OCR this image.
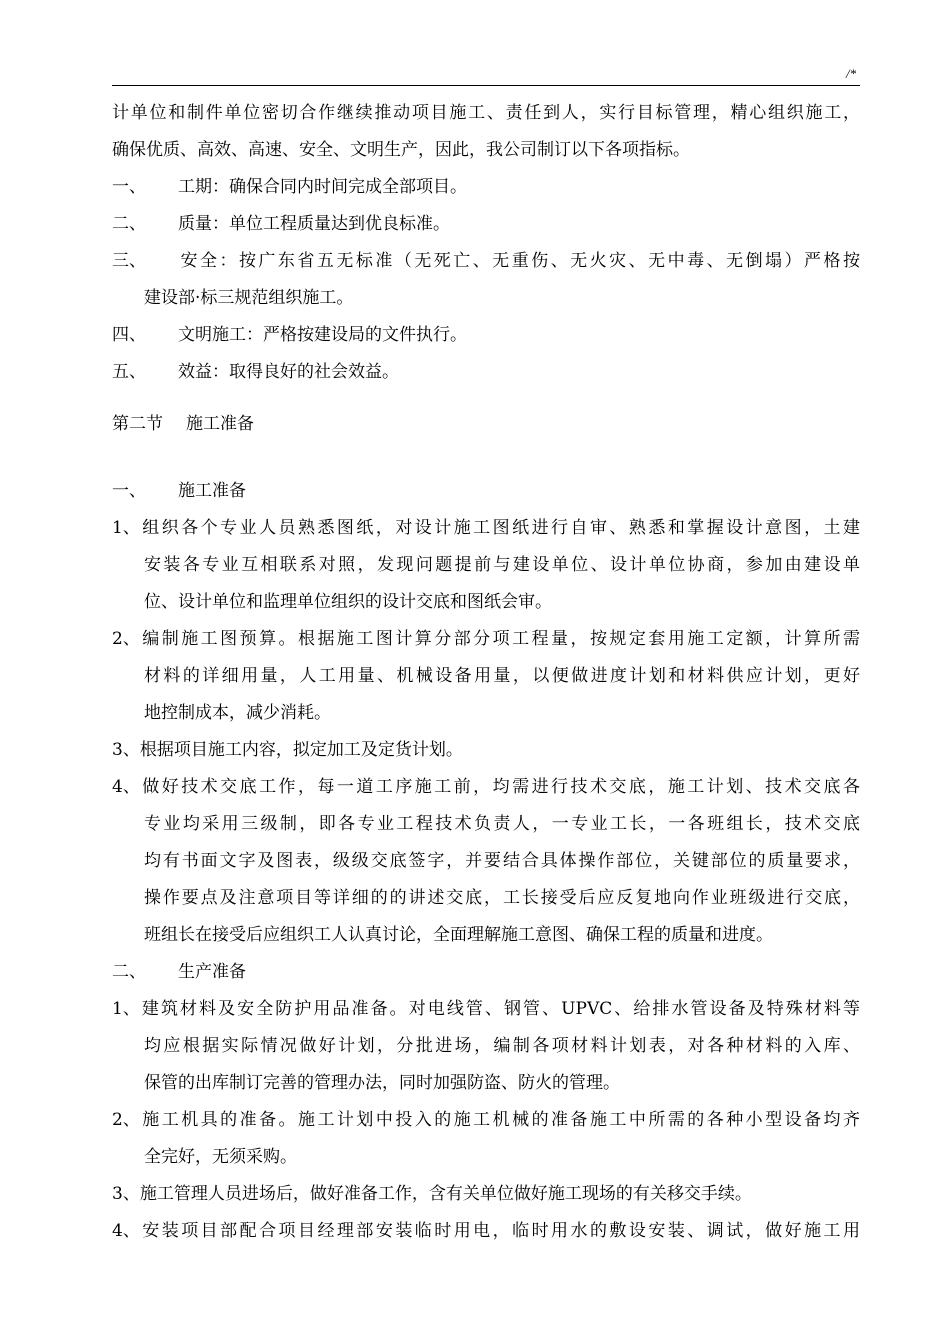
/*
计单位和制件单位密切合作继续推动项目施工、责任到人，实行目标管理，精心组织施工，
确保优质、高效、高速、安全、文明生产，因此，我公司制订以下各项指标。
一、 工期：确保合同内时间完成全部项目。
二、 质量：单位工程质量达到优良标准。
三、 安全：按广东省五无标准（无死亡、无重伤、无火灾、无中毒、无倒塌）严格按
建设部·标三规范组织施工。
四、 文明施工：严格按建设局的文件执行。
五、 效益：取得良好的社会效益。
第二节 施工准备
一、 施工准备
1、组织各个专业人员熟悉图纸，对设计施工图纸进行自审、熟悉和掌握设计意图，土建
安装各专业互相联系对照，发现问题提前与建设单位、设计单位协商，参加由建设单
位、设计单位和监理单位组织的设计交底和图纸会审。
2、编制施工图预算。根据施工图计算分部分项工程量，按规定套用施工定额，计算所需
材料的详细用量，人工用量、机械设备用量，以便做进度计划和材料供应计划，更好
地控制成本，减少消耗。
3、根据项目施工内容，拟定加工及定货计划。
4、做好技术交底工作，每一道工序施工前，均需进行技术交底，施工计划、技术交底各
专业均采用三级制，即各专业工程技术负责人，一专业工长，一各班组长，技术交底
均有书面文字及图表，级级交底签字，并要结合具体操作部位，关键部位的质量要求，
操作要点及注意项目等详细的的讲述交底，工长接受后应反复地向作业班级进行交底，
班组长在接受后应组织工人认真讨论，全面理解施工意图、确保工程的质量和进度。
二、 生产准备
1、建筑材料及安全防护用品准备。对电线管、钢管、UPVC、给排水管设备及特殊材料等
均应根据实际情况做好计划，分批进场，编制各项材料计划表，对各种材料的入库、
保管的出库制订完善的管理办法，同时加强防盗、防火的管理。
2、施工机具的准备。施工计划中投入的施工机械的准备施工中所需的各种小型设备均齐
全完好，无须采购。
3、施工管理人员进场后，做好准备工作，含有关单位做好施工现场的有关移交手续。
4、安装项目部配合项目经理部安装临时用电，临时用水的敷设安装、调试，做好施工用
